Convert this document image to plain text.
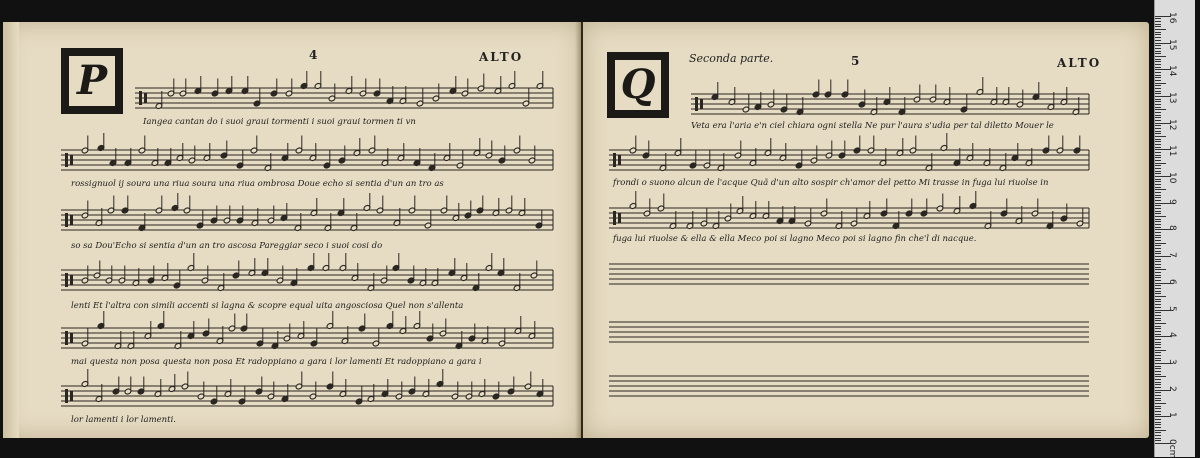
P
4	ALTO
Iangea cantan do i suoi graui tormenti i suoi graui tormen ti vn
rossignuol ij soura una riua soura una riua ombrosa Doue echo si sentia d'un an tro as
so sa Dou'Echo si sentia d'un an tro ascosa Pareggiar seco i suoi cosi do
lenti Et l'altra con simili accenti si lagna & scopre equal uita angosciosa Quel non s'allenta
mai questa non posa questa non posa Et radoppiano a gara i lor lamenti Et radoppiano a gara i
lor lamenti i lor lamenti.
Q
Seconda parte.	5	ALTO
Veta era l'aria e'n ciel chiara ogni stella Ne pur l'aura s'udia per tal diletto Mouer le
frondi o suono alcun de l'acque Quã d'un alto sospir ch'amor del petto Mi trasse in fuga lui riuolse in
fuga lui riuolse & ella & ella Meco poi si lagno Meco poi si lagno fin che'l di nacque.
0cm
1
2
3
4
5
6
7
8
9
10
11
12
13
14
15
16
